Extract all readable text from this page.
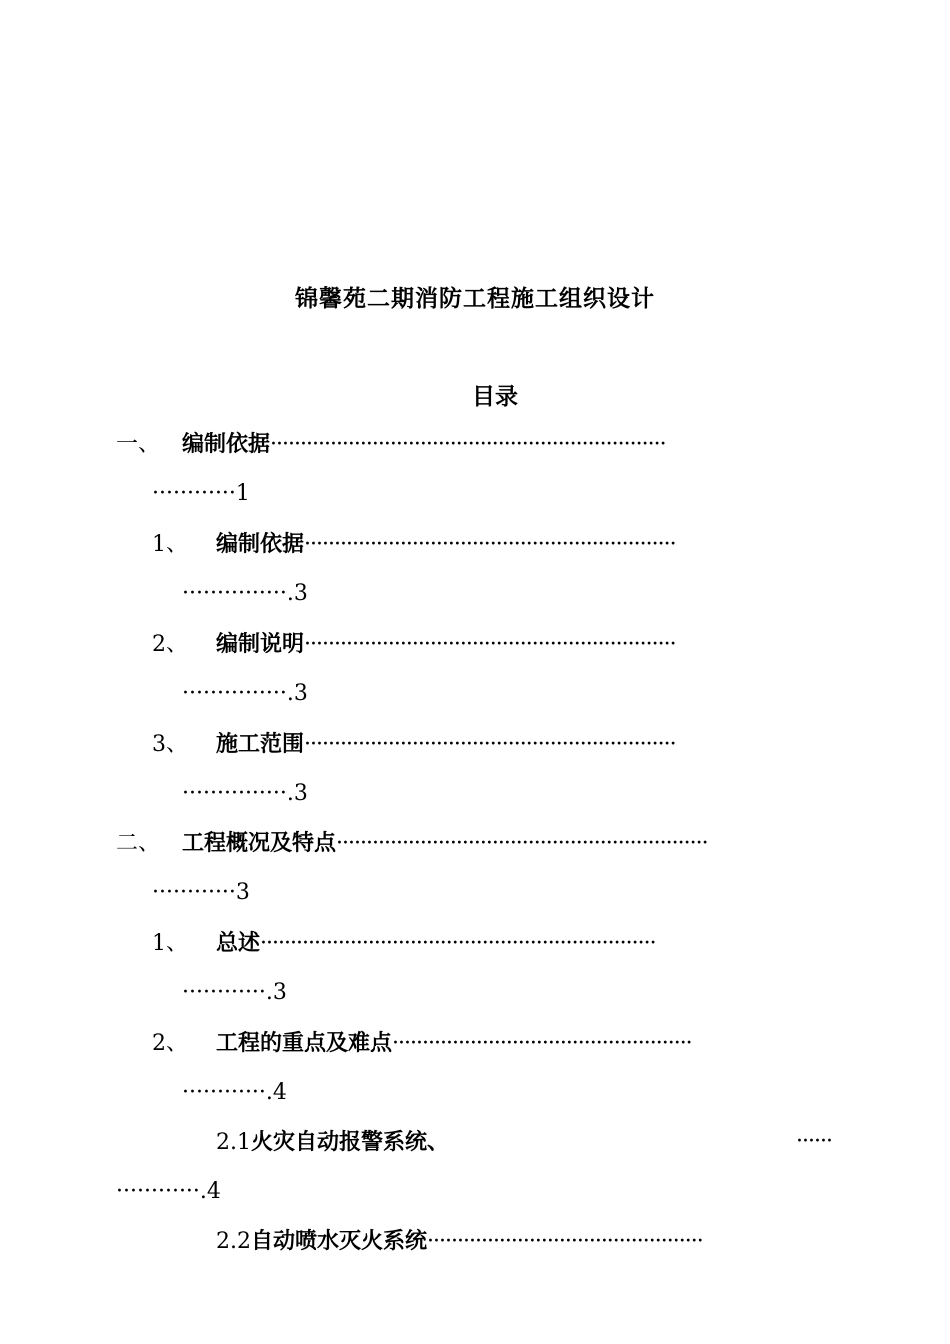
锦馨苑二期消防工程施工组织设计
目录
一、 编制依据··································································
············1
1、 编制依据······························································
···············.3
2、 编制说明······························································
···············.3
3、 施工范围······························································
···············.3
二、 工程概况及特点······························································
············3
1、 总述··································································
············.3
2、 工程的重点及难点··················································
············.4
2.1火灾自动报警系统、	······
············.4
2.2自动喷水灭火系统··············································
